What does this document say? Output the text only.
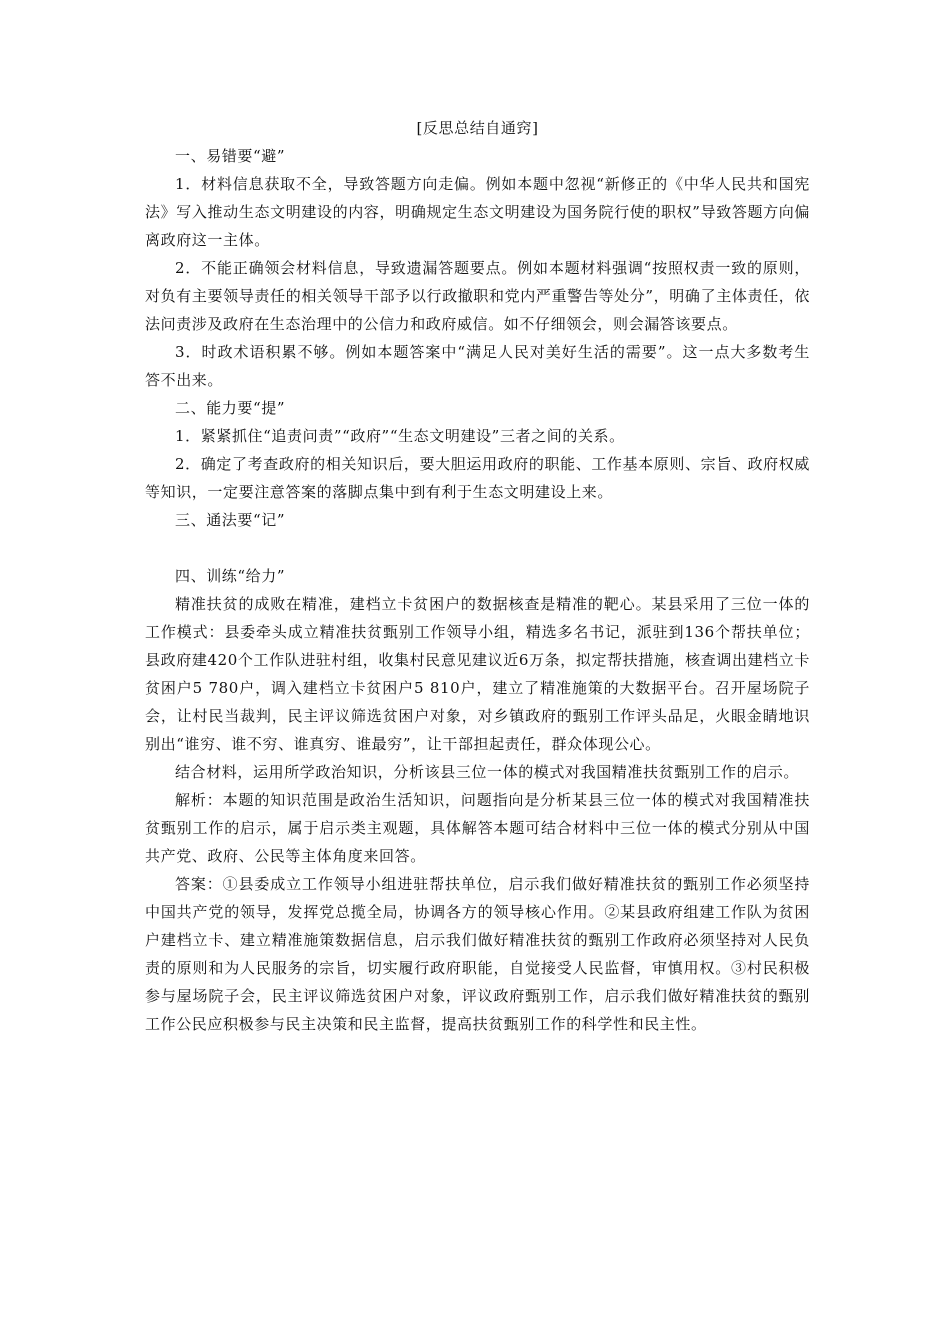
[反思总结自通窍]

一、易错要“避”

1．材料信息获取不全，导致答题方向走偏。例如本题中忽视“新修正的《中华人民共和国宪法》写入推动生态文明建设的内容，明确规定生态文明建设为国务院行使的职权”导致答题方向偏离政府这一主体。

2．不能正确领会材料信息，导致遗漏答题要点。例如本题材料强调“按照权责一致的原则，对负有主要领导责任的相关领导干部予以行政撤职和党内严重警告等处分”，明确了主体责任，依法问责涉及政府在生态治理中的公信力和政府威信。如不仔细领会，则会漏答该要点。

3．时政术语积累不够。例如本题答案中“满足人民对美好生活的需要”。这一点大多数考生答不出来。

二、能力要“提”

1．紧紧抓住“追责问责”“政府”“生态文明建设”三者之间的关系。

2．确定了考查政府的相关知识后，要大胆运用政府的职能、工作基本原则、宗旨、政府权威等知识，一定要注意答案的落脚点集中到有利于生态文明建设上来。

三、通法要“记”

四、训练“给力”

精准扶贫的成败在精准，建档立卡贫困户的数据核查是精准的靶心。某县采用了三位一体的工作模式：县委牵头成立精准扶贫甄别工作领导小组，精选多名书记，派驻到136个帮扶单位；县政府建420个工作队进驻村组，收集村民意见建议近6万条，拟定帮扶措施，核查调出建档立卡贫困户5 780户，调入建档立卡贫困户5 810户，建立了精准施策的大数据平台。召开屋场院子会，让村民当裁判，民主评议筛选贫困户对象，对乡镇政府的甄别工作评头品足，火眼金睛地识别出“谁穷、谁不穷、谁真穷、谁最穷”，让干部担起责任，群众体现公心。

结合材料，运用所学政治知识，分析该县三位一体的模式对我国精准扶贫甄别工作的启示。

解析：本题的知识范围是政治生活知识，问题指向是分析某县三位一体的模式对我国精准扶贫甄别工作的启示，属于启示类主观题，具体解答本题可结合材料中三位一体的模式分别从中国共产党、政府、公民等主体角度来回答。

答案：①县委成立工作领导小组进驻帮扶单位，启示我们做好精准扶贫的甄别工作必须坚持中国共产党的领导，发挥党总揽全局，协调各方的领导核心作用。②某县政府组建工作队为贫困户建档立卡、建立精准施策数据信息，启示我们做好精准扶贫的甄别工作政府必须坚持对人民负责的原则和为人民服务的宗旨，切实履行政府职能，自觉接受人民监督，审慎用权。③村民积极参与屋场院子会，民主评议筛选贫困户对象，评议政府甄别工作，启示我们做好精准扶贫的甄别工作公民应积极参与民主决策和民主监督，提高扶贫甄别工作的科学性和民主性。
